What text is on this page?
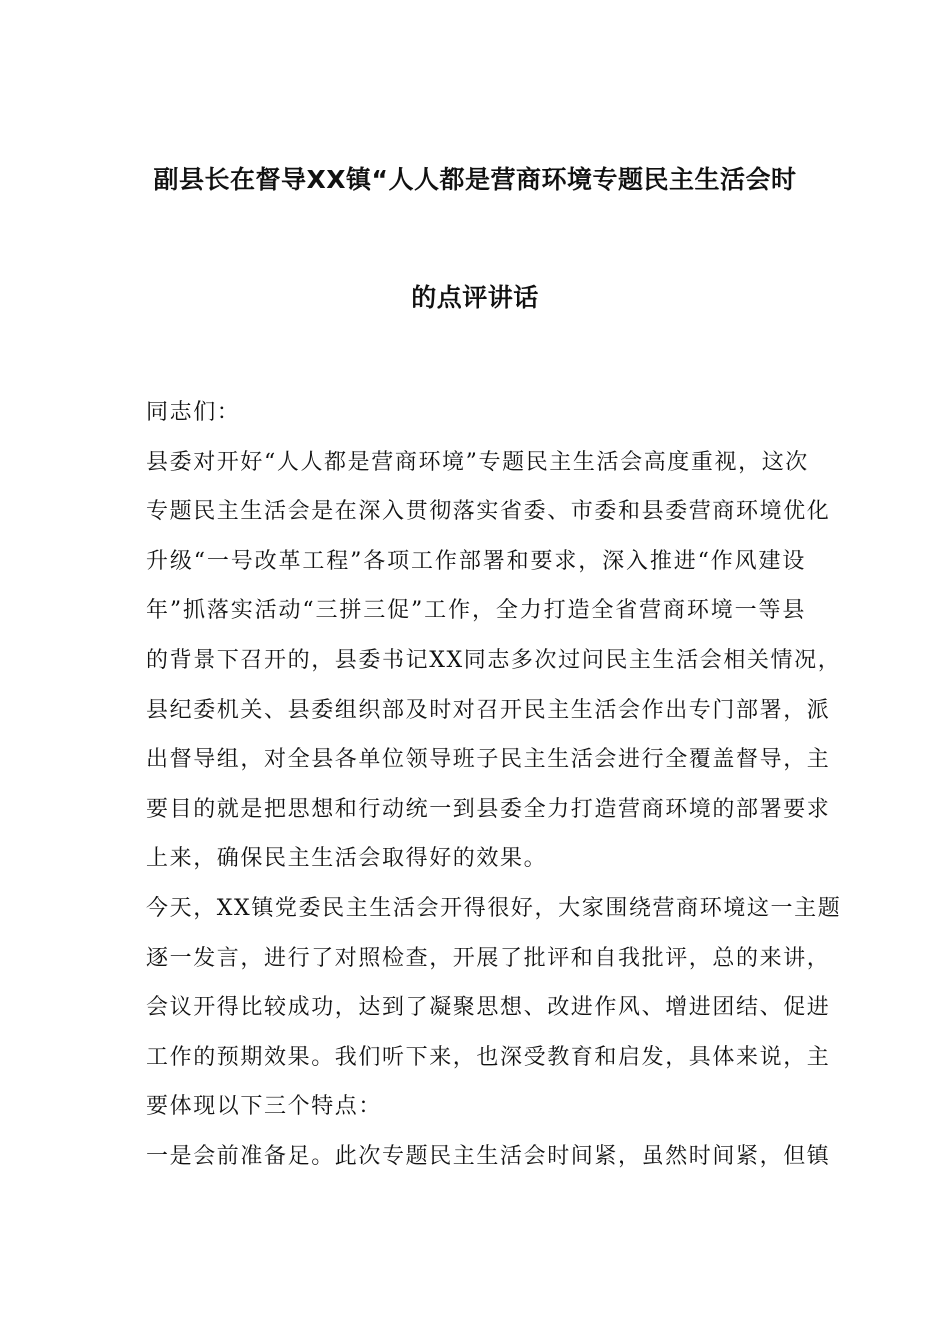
副县长在督导XX镇“人人都是营商环境专题民主生活会时
的点评讲话
同志们：
县委对开好“人人都是营商环境”专题民主生活会高度重视，这次
专题民主生活会是在深入贯彻落实省委、市委和县委营商环境优化
升级“一号改革工程”各项工作部署和要求，深入推进“作风建设
年”抓落实活动“三拼三促”工作，全力打造全省营商环境一等县
的背景下召开的，县委书记XX同志多次过问民主生活会相关情况，
县纪委机关、县委组织部及时对召开民主生活会作出专门部署，派
出督导组，对全县各单位领导班子民主生活会进行全覆盖督导，主
要目的就是把思想和行动统一到县委全力打造营商环境的部署要求
上来，确保民主生活会取得好的效果。
今天，XX镇党委民主生活会开得很好，大家围绕营商环境这一主题
逐一发言，进行了对照检查，开展了批评和自我批评，总的来讲，
会议开得比较成功，达到了凝聚思想、改进作风、增进团结、促进
工作的预期效果。我们听下来，也深受教育和启发，具体来说，主
要体现以下三个特点：
一是会前准备足。此次专题民主生活会时间紧，虽然时间紧，但镇
